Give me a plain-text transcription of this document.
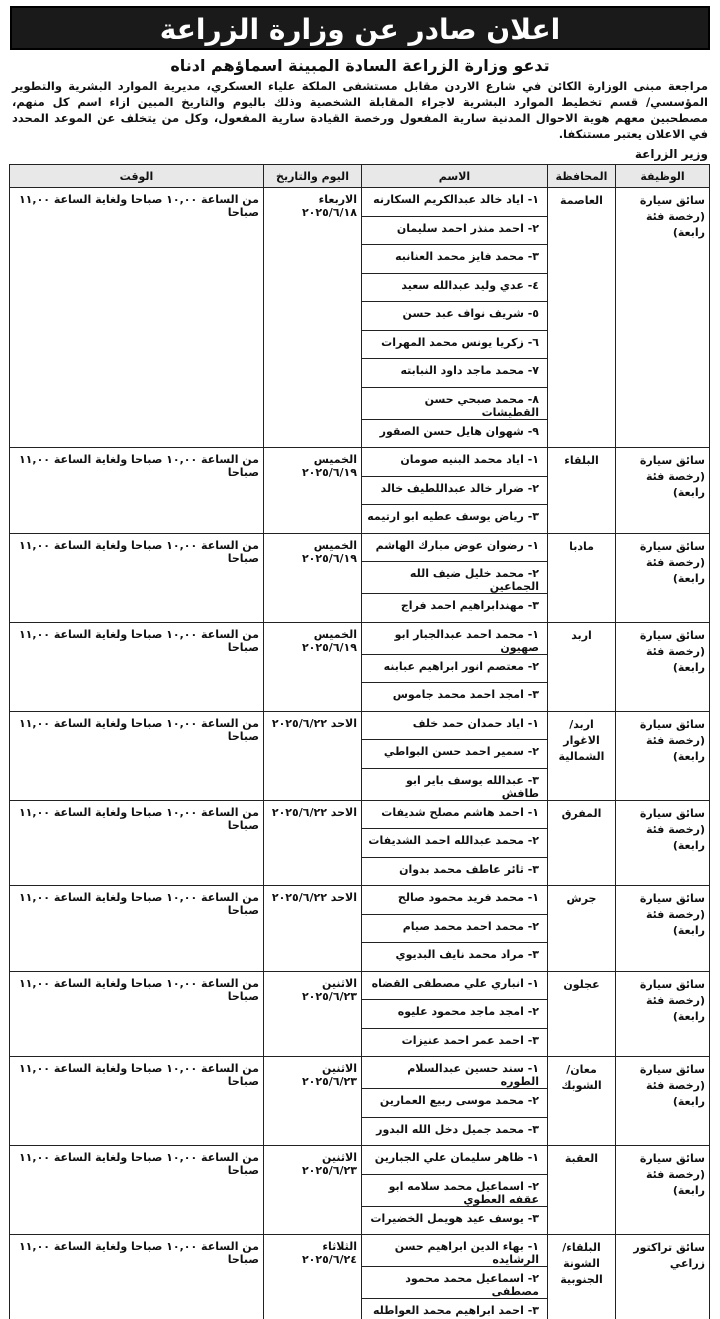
اعلان صادر عن وزارة الزراعة
تدعو وزارة الزراعة السادة المبينة اسماؤهم ادناه
مراجعة مبنى الوزارة الكائن في شارع الاردن مقابل مستشفى الملكة علياء العسكري، مديرية الموارد البشرية والتطوير المؤسسي/ قسم تخطيط الموارد البشرية لاجراء المقابلة الشخصية وذلك باليوم والتاريخ المبين ازاء اسم كل منهم، مصطحبين معهم هوية الاحوال المدنية سارية المفعول ورخصة القيادة سارية المفعول، وكل من يتخلف عن الموعد المحدد في الاعلان يعتبر مستنكفا.
وزير الزراعة
الوظيفة	المحافظة	الاسم	اليوم والتاريخ	الوقت
سائق سيارة (رخصة فئة رابعة)	العاصمة	١- اياد خالد عبدالكريم السكارنه	الاربعاء ٢٠٢٥/٦/١٨	من الساعة ١٠,٠٠ صباحا ولغاية الساعة ١١,٠٠ صباحا
		٢- احمد منذر احمد سليمان		
		٣- محمد فايز محمد العنانبه		
		٤- عدي وليد عبدالله سعيد		
		٥- شريف نواف عبد حسن		
		٦- زكريا يونس محمد المهرات		
		٧- محمد ماجد داود النبابته		
		٨- محمد صبحي حسن القطيشات		
		٩- شهوان هايل حسن الصقور		
سائق سيارة (رخصة فئة رابعة)	البلقاء	١- اياد محمد البنيه صومان	الخميس ٢٠٢٥/٦/١٩	من الساعة ١٠,٠٠ صباحا ولغاية الساعة ١١,٠٠ صباحا
		٢- ضرار خالد عبداللطيف خالد		
		٣- رياض يوسف عطيه ابو ارتيمه		
سائق سيارة (رخصة فئة رابعة)	مادبا	١- رضوان عوض مبارك الهاشم	الخميس ٢٠٢٥/٦/١٩	من الساعة ١٠,٠٠ صباحا ولغاية الساعة ١١,٠٠ صباحا
		٢- محمد خليل ضيف الله الجماعين		
		٣- مهندابراهيم احمد فراج		
سائق سيارة (رخصة فئة رابعة)	اربد	١- محمد احمد عبدالجبار ابو صهيون	الخميس ٢٠٢٥/٦/١٩	من الساعة ١٠,٠٠ صباحا ولغاية الساعة ١١,٠٠ صباحا
		٢- معتصم انور ابراهيم عبابنه		
		٣- امجد احمد محمد جاموس		
سائق سيارة (رخصة فئة رابعة)	اربد/الاغوار الشمالية	١- اياد حمدان حمد خلف	الاحد ٢٠٢٥/٦/٢٢	من الساعة ١٠,٠٠ صباحا ولغاية الساعة ١١,٠٠ صباحا
		٢- سمير احمد حسن البواطي		
		٣- عبدالله يوسف باير ابو طافش		
سائق سيارة (رخصة فئة رابعة)	المفرق	١- احمد هاشم مصلح شديفات	الاحد ٢٠٢٥/٦/٢٢	من الساعة ١٠,٠٠ صباحا ولغاية الساعة ١١,٠٠ صباحا
		٢- محمد عبدالله احمد الشديفات		
		٣- ثائر عاطف محمد بدوان		
سائق سيارة (رخصة فئة رابعة)	جرش	١- محمد فريد محمود صالح	الاحد ٢٠٢٥/٦/٢٢	من الساعة ١٠,٠٠ صباحا ولغاية الساعة ١١,٠٠ صباحا
		٢- محمد احمد محمد صيام		
		٣- مراد محمد نايف البديوي		
سائق سيارة (رخصة فئة رابعة)	عجلون	١- انباري علي مصطفى القضاه	الاثنين ٢٠٢٥/٦/٢٣	من الساعة ١٠,٠٠ صباحا ولغاية الساعة ١١,٠٠ صباحا
		٢- امجد ماجد محمود عليوه		
		٣- احمد عمر احمد عنيزات		
سائق سيارة (رخصة فئة رابعة)	معان/الشوبك	١- سند حسين عبدالسلام الطوره	الاثنين ٢٠٢٥/٦/٢٣	من الساعة ١٠,٠٠ صباحا ولغاية الساعة ١١,٠٠ صباحا
		٢- محمد موسى ربيع العمارين		
		٣- محمد جميل دخل الله البدور		
سائق سيارة (رخصة فئة رابعة)	العقبة	١- ظاهر سليمان علي الجبارين	الاثنين ٢٠٢٥/٦/٢٣	من الساعة ١٠,٠٠ صباحا ولغاية الساعة ١١,٠٠ صباحا
		٢- اسماعيل محمد سلامه ابو عقفه العطوي		
		٣- يوسف عيد هويمل الخضيرات		
سائق تراكتور زراعي	البلقاء/الشونة الجنوبية	١- بهاء الدين ابراهيم حسن الرشايده	الثلاثاء ٢٠٢٥/٦/٢٤	من الساعة ١٠,٠٠ صباحا ولغاية الساعة ١١,٠٠ صباحا
		٢- اسماعيل محمد محمود مصطفى		
		٣- احمد ابراهيم محمد العواطله		
